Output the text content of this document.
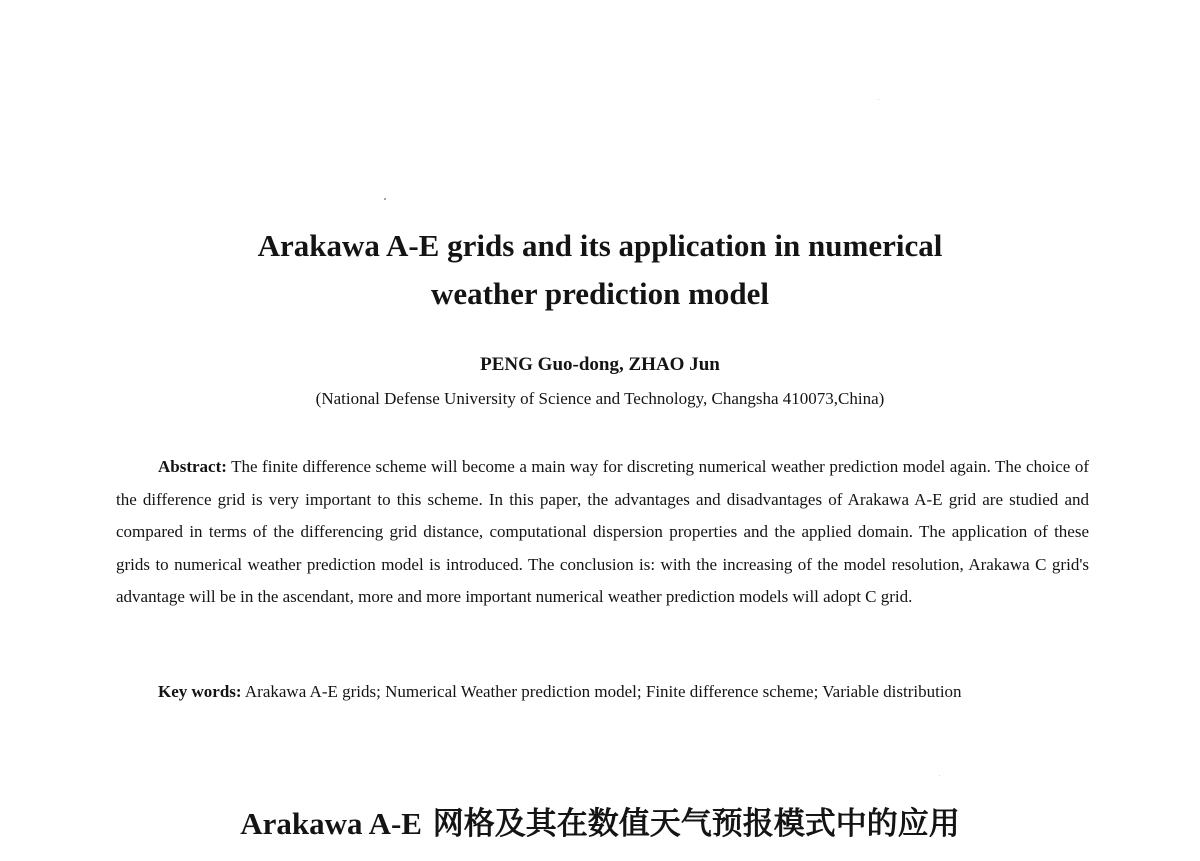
Arakawa A-E grids and its application in numerical
weather prediction model
PENG Guo-dong, ZHAO Jun
(National Defense University of Science and Technology, Changsha 410073,China)

Abstract: The finite difference scheme will become a main way for discreting numerical weather prediction model again. The choice of the difference grid is very important to this scheme. In this paper, the advantages and disadvantages of Arakawa A-E grid are studied and compared in terms of the differencing grid distance, computational dispersion properties and the applied domain. The application of these grids to numerical weather prediction model is introduced. The conclusion is: with the increasing of the model resolution, Arakawa C grid's advantage will be in the ascendant, more and more important numerical weather prediction models will adopt C grid.

Key words: Arakawa A-E grids; Numerical Weather prediction model; Finite difference scheme; Variable distribution

Arakawa A-E 网格及其在数值天气预报模式中的应用
